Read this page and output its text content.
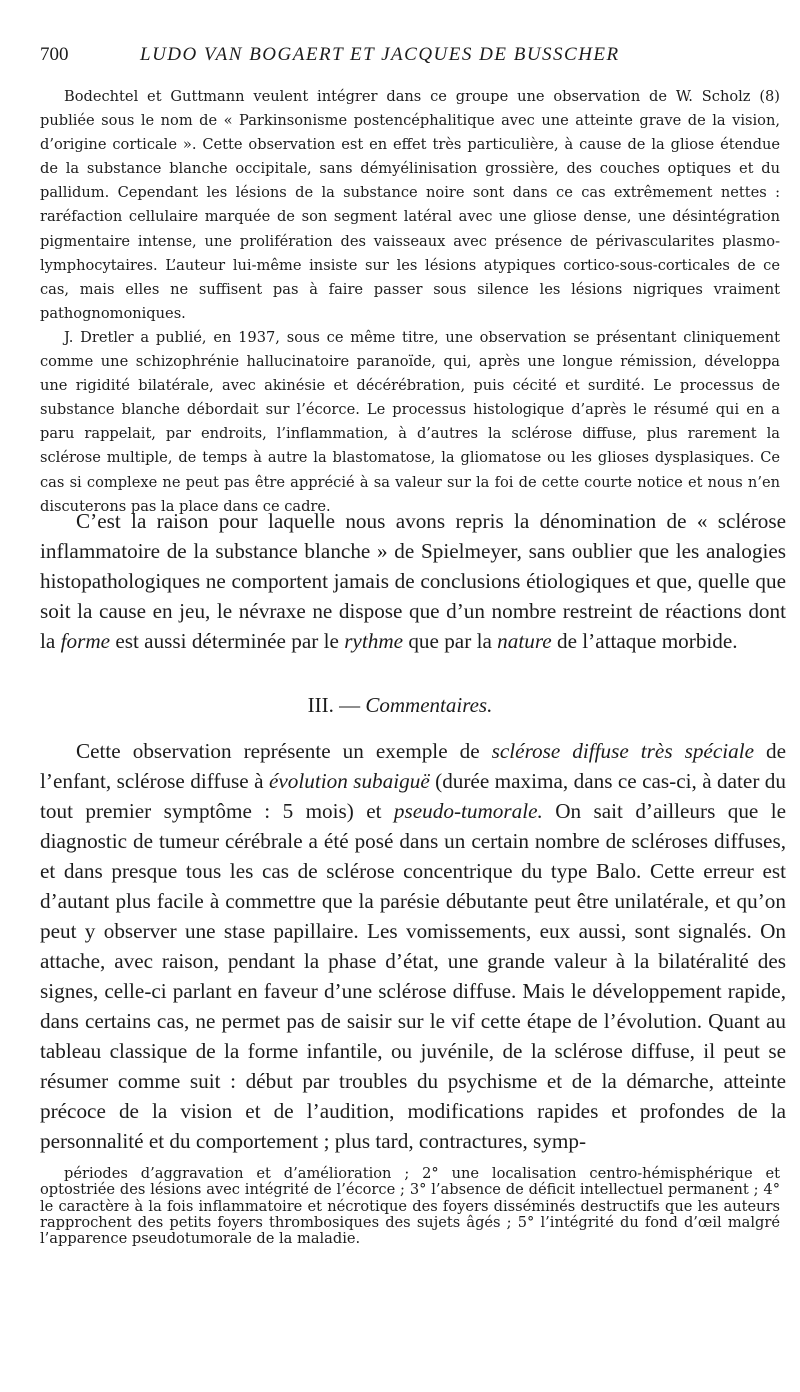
700	LUDO VAN BOGAERT ET JACQUES DE BUSSCHER

Bodechtel et Guttmann veulent intégrer dans ce groupe une observation de W. Scholz (8) publiée sous le nom de « Parkinsonisme postencéphalitique avec une atteinte grave de la vision, d’origine corticale ». Cette observation est en effet très particulière, à cause de la gliose étendue de la substance blanche occipitale, sans démyélinisation grossière, des couches optiques et du pallidum. Cependant les lésions de la substance noire sont dans ce cas extrêmement nettes : raréfaction cellulaire marquée de son segment latéral avec une gliose dense, une désintégration pigmentaire intense, une prolifération des vaisseaux avec présence de périvascularites plasmo-lymphocytaires. L’auteur lui-même insiste sur les lésions atypiques cortico-sous-corticales de ce cas, mais elles ne suffisent pas à faire passer sous silence les lésions nigriques vraiment pathognomoniques.

J. Dretler a publié, en 1937, sous ce même titre, une observation se présentant cliniquement comme une schizophrénie hallucinatoire paranoïde, qui, après une longue rémission, développa une rigidité bilatérale, avec akinésie et décérébration, puis cécité et surdité. Le processus de substance blanche débordait sur l’écorce. Le processus histologique d’après le résumé qui en a paru rappelait, par endroits, l’inflammation, à d’autres la sclérose diffuse, plus rarement la sclérose multiple, de temps à autre la blastomatose, la gliomatose ou les glioses dysplasiques. Ce cas si complexe ne peut pas être apprécié à sa valeur sur la foi de cette courte notice et nous n’en discuterons pas la place dans ce cadre.

C’est la raison pour laquelle nous avons repris la dénomination de « sclérose inflammatoire de la substance blanche » de Spielmeyer, sans oublier que les analogies histopathologiques ne comportent jamais de conclusions étiologiques et que, quelle que soit la cause en jeu, le névraxe ne dispose que d’un nombre restreint de réactions dont la forme est aussi déterminée par le rythme que par la nature de l’attaque morbide.

III. — Commentaires.

Cette observation représente un exemple de sclérose diffuse très spéciale de l’enfant, sclérose diffuse à évolution subaiguë (durée maxima, dans ce cas-ci, à dater du tout premier symptôme : 5 mois) et pseudo-tumorale. On sait d’ailleurs que le diagnostic de tumeur cérébrale a été posé dans un certain nombre de scléroses diffuses, et dans presque tous les cas de sclérose concentrique du type Balo. Cette erreur est d’autant plus facile à commettre que la parésie débutante peut être unilatérale, et qu’on peut y observer une stase papillaire. Les vomissements, eux aussi, sont signalés. On attache, avec raison, pendant la phase d’état, une grande valeur à la bilatéralité des signes, celle-ci parlant en faveur d’une sclérose diffuse. Mais le développement rapide, dans certains cas, ne permet pas de saisir sur le vif cette étape de l’évolution. Quant au tableau classique de la forme infantile, ou juvénile, de la sclérose diffuse, il peut se résumer comme suit : début par troubles du psychisme et de la démarche, atteinte précoce de la vision et de l’audition, modifications rapides et profondes de la personnalité et du comportement ; plus tard, contractures, symp-

périodes d’aggravation et d’amélioration ; 2° une localisation centro-hémisphérique et optostriée des lésions avec intégrité de l’écorce ; 3° l’absence de déficit intellectuel permanent ; 4° le caractère à la fois inflammatoire et nécrotique des foyers disséminés destructifs que les auteurs rapprochent des petits foyers thrombosiques des sujets âgés ; 5° l’intégrité du fond d’œil malgré l’apparence pseudotumorale de la maladie.
